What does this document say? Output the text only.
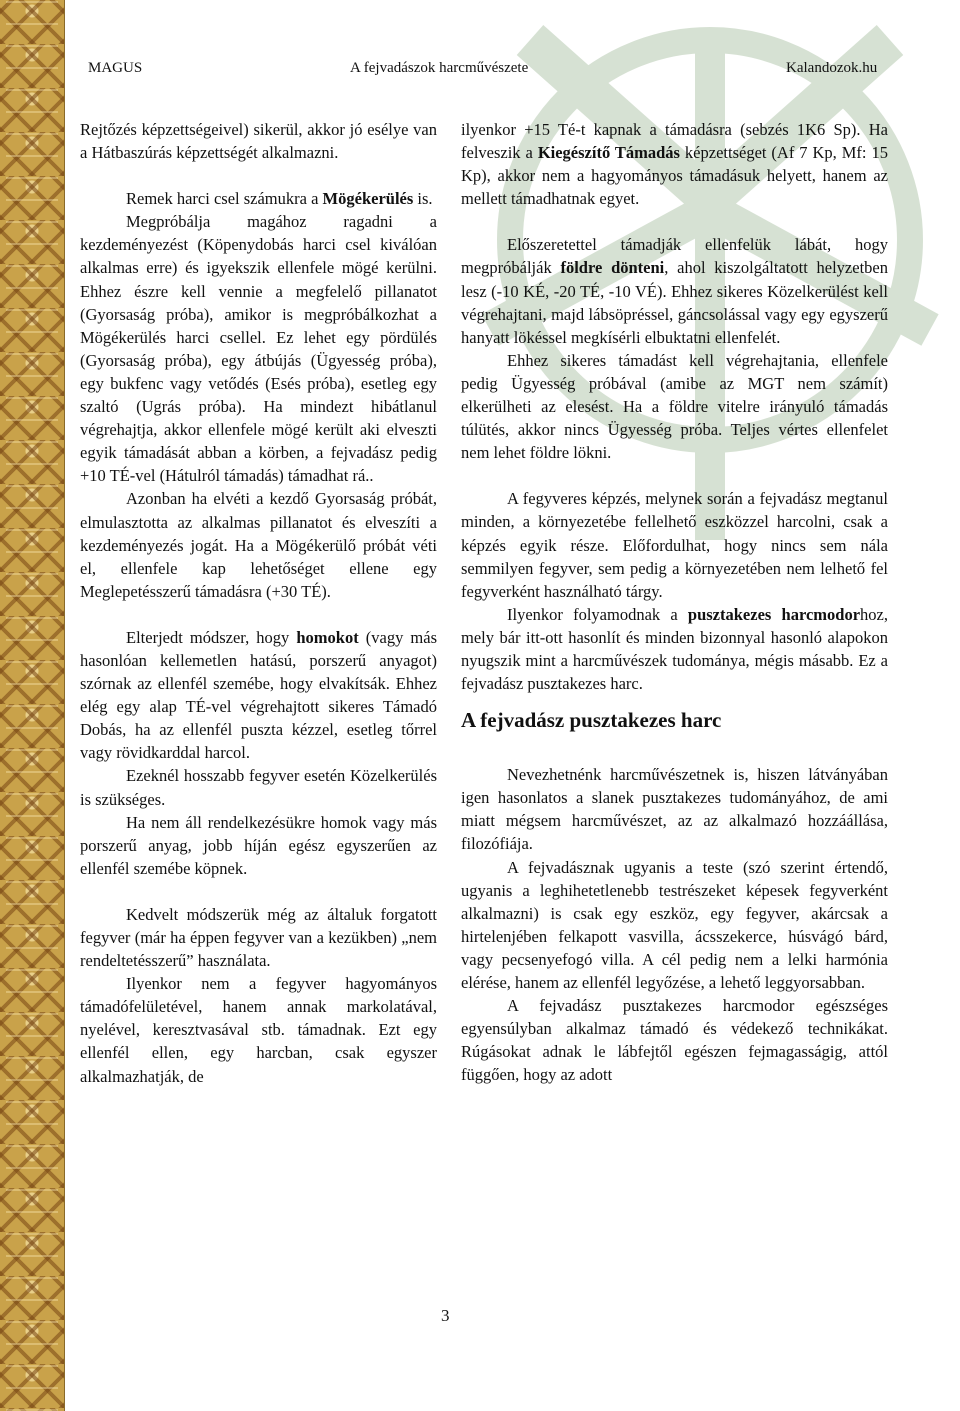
MAGUS	A fejvadászok harcművészete	Kalandozok.hu

Rejtőzés képzettségeivel) sikerül, akkor jó esélye van a Hátbaszúrás képzettségét alkalmazni.

Remek harci csel számukra a Mögékerülés is.

Megpróbálja magához ragadni a kezdeményezést (Köpenydobás harci csel kiválóan alkalmas erre) és igyekszik ellenfele mögé kerülni. Ehhez észre kell vennie a megfelelő pillanatot (Gyorsaság próba), amikor is megpróbálkozhat a Mögékerülés harci csellel. Ez lehet egy pördülés (Gyorsaság próba), egy átbújás (Ügyesség próba), egy bukfenc vagy vetődés (Esés próba), esetleg egy szaltó (Ugrás próba). Ha mindezt hibátlanul végrehajtja, akkor ellenfele mögé került aki elveszti egyik támadását abban a körben, a fejvadász pedig +10 TÉ-vel (Hátulról támadás) támadhat rá..

Azonban ha elvéti a kezdő Gyorsaság próbát, elmulasztotta az alkalmas pillanatot és elveszíti a kezdeményezés jogát. Ha a Mögékerülő próbát véti el, ellenfele kap lehetőséget ellene egy Meglepetésszerű támadásra (+30 TÉ).

Elterjedt módszer, hogy homokot (vagy más hasonlóan kellemetlen hatású, porszerű anyagot) szórnak az ellenfél szemébe, hogy elvakítsák. Ehhez elég egy alap TÉ-vel végrehajtott sikeres Támadó Dobás, ha az ellenfél puszta kézzel, esetleg tőrrel vagy rövidkarddal harcol.

Ezeknél hosszabb fegyver esetén Közelkerülés is szükséges.

Ha nem áll rendelkezésükre homok vagy más porszerű anyag, jobb híján egész egyszerűen az ellenfél szemébe köpnek.

Kedvelt módszerük még az általuk forgatott fegyver (már ha éppen fegyver van a kezükben) „nem rendeltetésszerű” használata.

Ilyenkor nem a fegyver hagyományos támadófelületével, hanem annak markolatával, nyelével, keresztvasával stb. támadnak. Ezt egy ellenfél ellen, egy harcban, csak egyszer alkalmazhatják, de

ilyenkor +15 Té-t kapnak a támadásra (sebzés 1K6 Sp). Ha felveszik a Kiegészítő Támadás képzettséget (Af 7 Kp, Mf: 15 Kp), akkor nem a hagyományos támadásuk helyett, hanem az mellett támadhatnak egyet.

Előszeretettel támadják ellenfelük lábát, hogy megpróbálják földre dönteni, ahol kiszolgáltatott helyzetben lesz (-10 KÉ, -20 TÉ, -10 VÉ). Ehhez sikeres Közelkerülést kell végrehajtani, majd lábsöpréssel, gáncsolással vagy egy egyszerű hanyatt lökéssel megkísérli elbuktatni ellenfelét.

Ehhez sikeres támadást kell végrehajtania, ellenfele pedig Ügyesség próbával (amibe az MGT nem számít) elkerülheti az elesést. Ha a földre vitelre irányuló támadás túlütés, akkor nincs Ügyesség próba. Teljes vértes ellenfelet nem lehet földre lökni.

A fegyveres képzés, melynek során a fejvadász megtanul minden, a környezetébe fellelhető eszközzel harcolni, csak a képzés egyik része. Előfordulhat, hogy nincs sem nála semmilyen fegyver, sem pedig a környezetében nem lelhető fel fegyverként használható tárgy.

Ilyenkor folyamodnak a pusztakezes harcmodorhoz, mely bár itt-ott hasonlít és minden bizonnyal hasonló alapokon nyugszik mint a harcművészek tudománya, mégis másabb. Ez a fejvadász pusztakezes harc.

A fejvadász pusztakezes harc

Nevezhetnénk harcművészetnek is, hiszen látványában igen hasonlatos a slanek pusztakezes tudományához, de ami miatt mégsem harcművészet, az az alkalmazó hozzáállása, filozófiája.

A fejvadásznak ugyanis a teste (szó szerint értendő, ugyanis a leghihetetlenebb testrészeket képesek fegyverként alkalmazni) is csak egy eszköz, egy fegyver, akárcsak a hirtelenjében felkapott vasvilla, ácsszekerce, húsvágó bárd, vagy pecsenyefogó villa. A cél pedig nem a lelki harmónia elérése, hanem az ellenfél legyőzése, a lehető leggyorsabban.

A fejvadász pusztakezes harcmodor egészséges egyensúlyban alkalmaz támadó és védekező technikákat. Rúgásokat adnak le lábfejtől egészen fejmagasságig, attól függően, hogy az adott

3
